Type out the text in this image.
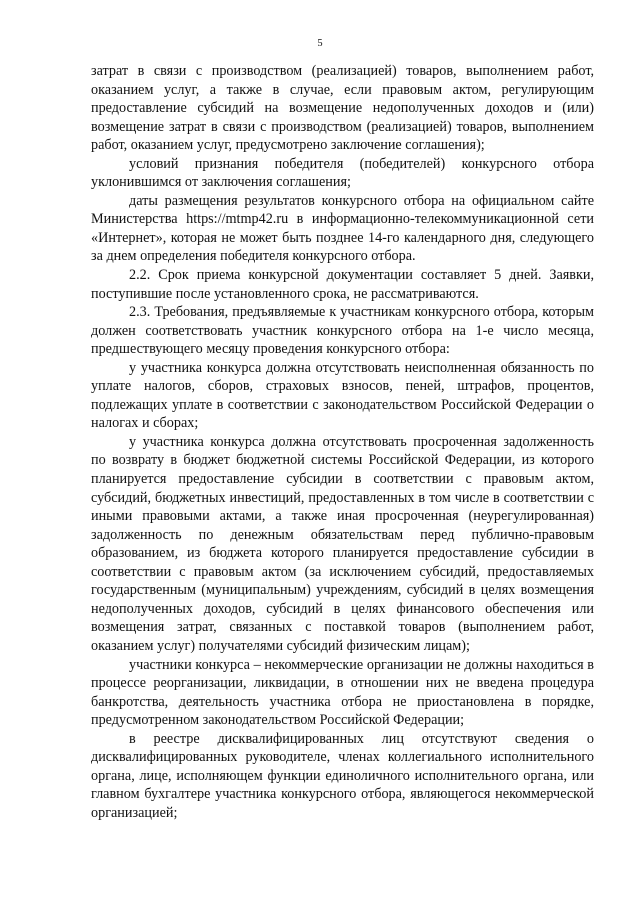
5

затрат в связи с производством (реализацией) товаров, выполнением работ, оказанием услуг, а также в случае, если правовым актом, регулирующим предоставление субсидий на возмещение недополученных доходов и (или) возмещение затрат в связи с производством (реализацией) товаров, выполнением работ, оказанием услуг, предусмотрено заключение соглашения);

условий признания победителя (победителей) конкурсного отбора уклонившимся от заключения соглашения;

даты размещения результатов конкурсного отбора на официальном сайте Министерства https://mtmp42.ru в информационно-телекоммуникационной сети «Интернет», которая не может быть позднее 14-го календарного дня, следующего за днем определения победителя конкурсного отбора.

2.2. Срок приема конкурсной документации составляет 5 дней. Заявки, поступившие после установленного срока, не рассматриваются.

2.3. Требования, предъявляемые к участникам конкурсного отбора, которым должен соответствовать участник конкурсного отбора на 1-е число месяца, предшествующего месяцу проведения конкурсного отбора:

у участника конкурса должна отсутствовать неисполненная обязанность по уплате налогов, сборов, страховых взносов, пеней, штрафов, процентов, подлежащих уплате в соответствии с законодательством Российской Федерации о налогах и сборах;

у участника конкурса должна отсутствовать просроченная задолженность по возврату в бюджет бюджетной системы Российской Федерации, из которого планируется предоставление субсидии в соответствии с правовым актом, субсидий, бюджетных инвестиций, предоставленных в том числе в соответствии с иными правовыми актами, а также иная просроченная (неурегулированная) задолженность по денежным обязательствам перед публично-правовым образованием, из бюджета которого планируется предоставление субсидии в соответствии с правовым актом (за исключением субсидий, предоставляемых государственным (муниципальным) учреждениям, субсидий в целях возмещения недополученных доходов, субсидий в целях финансового обеспечения или возмещения затрат, связанных с поставкой товаров (выполнением работ, оказанием услуг) получателями субсидий физическим лицам);

участники конкурса – некоммерческие организации не должны находиться в процессе реорганизации, ликвидации, в отношении них не введена процедура банкротства, деятельность участника отбора не приостановлена в порядке, предусмотренном законодательством Российской Федерации;

в реестре дисквалифицированных лиц отсутствуют сведения о дисквалифицированных руководителе, членах коллегиального исполнительного органа, лице, исполняющем функции единоличного исполнительного органа, или главном бухгалтере участника конкурсного отбора, являющегося некоммерческой организацией;
